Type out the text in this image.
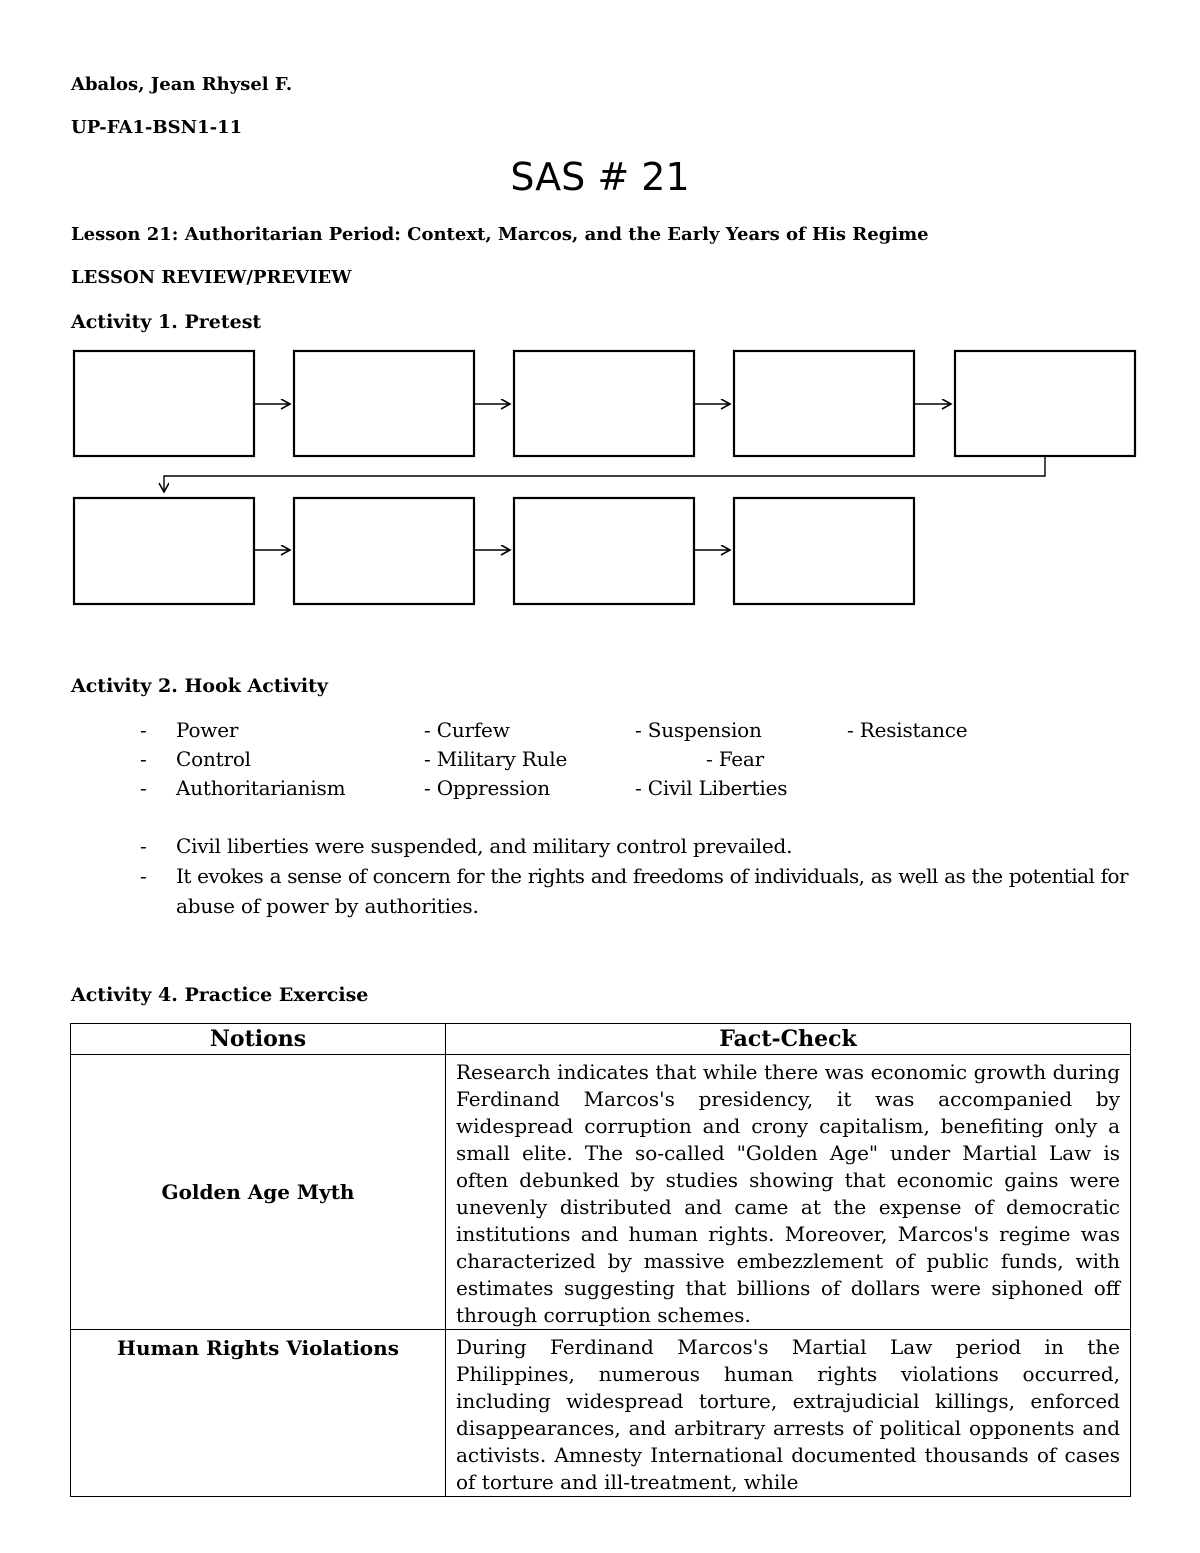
Abalos, Jean Rhysel F.
UP-FA1-BSN1-11
SAS # 21
Lesson 21: Authoritarian Period: Context, Marcos, and the Early Years of His Regime
LESSON REVIEW/PREVIEW
Activity 1. Pretest
Activity 2. Hook Activity
-
-
-
Power
Control
Authoritarianism
- Curfew
- Military Rule
- Oppression
- Suspension
- Fear
- Civil Liberties
- Resistance
-
-
Civil liberties were suspended, and military control prevailed.
It evokes a sense of concern for the rights and freedoms of individuals, as well as the potential for
abuse of power by authorities.
Activity 4. Practice Exercise
Notions	Fact-Check
Golden Age Myth	Research indicates that while there was economic growth during Ferdinand Marcos's presidency, it was accompanied by widespread corruption and crony capitalism, benefiting only a small elite. The so-called "Golden Age" under Martial Law is often debunked by studies showing that economic gains were unevenly distributed and came at the expense of democratic institutions and human rights. Moreover, Marcos's regime was characterized by massive embezzlement of public funds, with estimates suggesting that billions of dollars were siphoned off through corruption schemes.
Human Rights Violations	During Ferdinand Marcos's Martial Law period in the Philippines, numerous human rights violations occurred, including widespread torture, extrajudicial killings, enforced disappearances, and arbitrary arrests of political opponents and activists. Amnesty International documented thousands of cases of torture and ill-treatment, while
